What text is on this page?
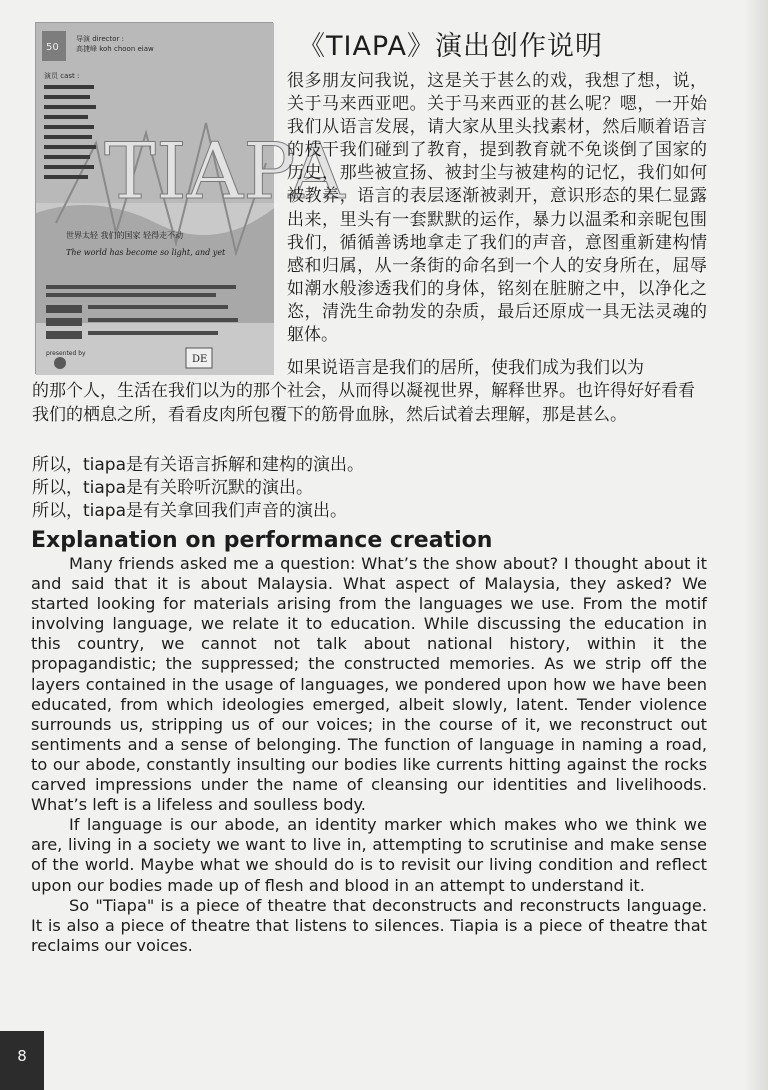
50
导演 director :
高捷峰 koh choon eiaw
演员 cast :
TIAPA
世界太轻 我们的国家 轻得走不动
The world has become so light, and yet
presented by
DE
《TIAPA》演出创作说明

很多朋友问我说，这是关于甚么的戏，我想了想，说，关于马来西亚吧。关于马来西亚的甚么呢？嗯，一开始我们从语言发展，请大家从里头找素材，然后顺着语言的枝干我们碰到了教育，提到教育就不免谈倒了国家的历史，那些被宣扬、被封尘与被建构的记忆，我们如何被教养，语言的表层逐渐被剥开，意识形态的果仁显露出来，里头有一套默默的运作，暴力以温柔和亲昵包围我们，循循善诱地拿走了我们的声音，意图重新建构情感和归属，从一条街的命名到一个人的安身所在，屈辱如潮水般渗透我们的身体，铭刻在脏腑之中，以净化之恣，清洗生命勃发的杂质，最后还原成一具无法灵魂的躯体。

如果说语言是我们的居所，使我们成为我们以为
的那个人，生活在我们以为的那个社会，从而得以凝视世界，解释世界。也许得好好看看我们的栖息之所，看看皮肉所包覆下的筋骨血脉，然后试着去理解，那是甚么。

所以，tiapa是有关语言拆解和建构的演出。

所以，tiapa是有关聆听沉默的演出。

所以，tiapa是有关拿回我们声音的演出。

Explanation on performance creation

Many friends asked me a question: What’s the show about? I thought about it and said that it is about Malaysia. What aspect of Malaysia, they asked? We started looking for materials arising from the languages we use. From the motif involving language, we relate it to education. While discussing the education in this country, we cannot not talk about national history, within it the propagandistic; the suppressed; the constructed memories. As we strip off the layers contained in the usage of languages, we pondered upon how we have been educated, from which ideologies emerged, albeit slowly, latent. Tender violence surrounds us, stripping us of our voices; in the course of it, we reconstruct out sentiments and a sense of belonging. The function of language in naming a road, to our abode, constantly insulting our bodies like currents hitting against the rocks carved impressions under the name of cleansing our identities and livelihoods. What’s left is a lifeless and soulless body.

If language is our abode, an identity marker which makes who we think we are, living in a society we want to live in, attempting to scrutinise and make sense of the world. Maybe what we should do is to revisit our living condition and reflect upon our bodies made up of flesh and blood in an attempt to understand it.

So "Tiapa" is a piece of theatre that deconstructs and reconstructs language. It is also a piece of theatre that listens to silences. Tiapia is a piece of theatre that reclaims our voices.

8
